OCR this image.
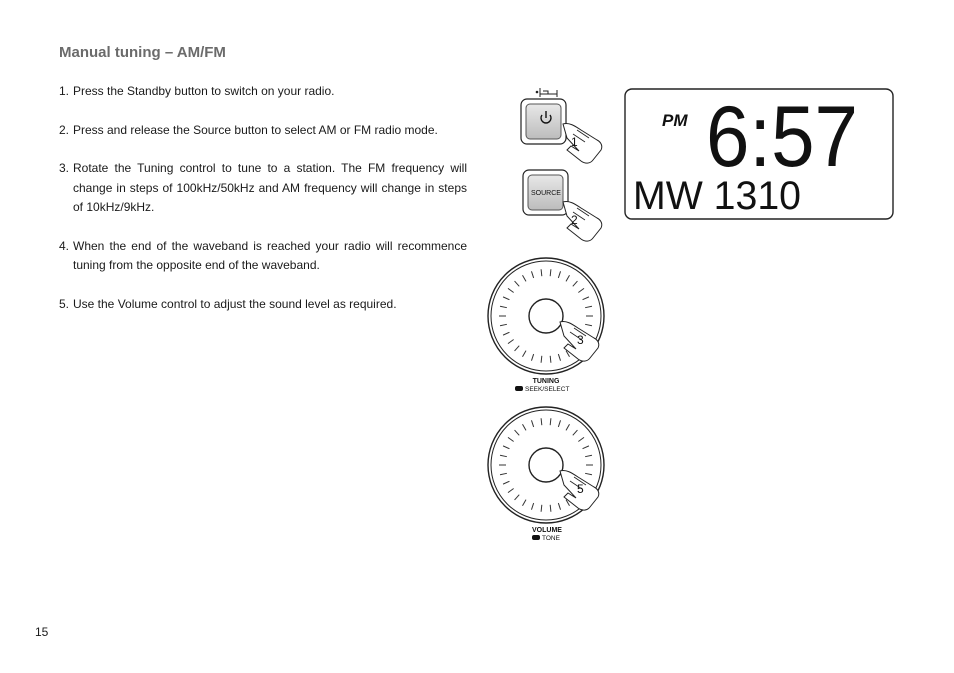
Manual tuning – AM/FM
1. Press the Standby button to switch on your radio.
2. Press and release the Source button to select AM or FM radio mode.
3. Rotate the Tuning control to tune to a station. The FM frequency will change in steps of 100kHz/50kHz and AM frequency will change in steps of 10kHz/9kHz.
4. When the end of the waveband is reached your radio will recommence tuning from the opposite end of the waveband.
5. Use the Volume control to adjust the sound level as required.
1
SOURCE
2
3
TUNING
SEEK/SELECT
5
VOLUME
TONE
PM 6:57
MW 1310
15
